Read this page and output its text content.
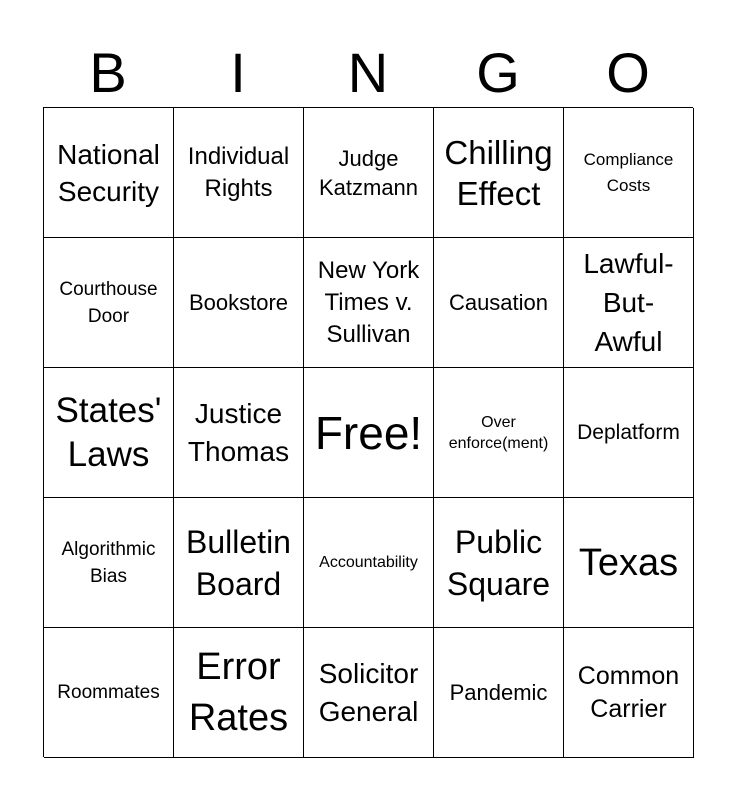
B	I	N	G	O
National
Security
Individual
Rights
Judge
Katzmann
Chilling
Effect
Compliance
Costs
Courthouse
Door
Bookstore
New York
Times v.
Sullivan
Causation
Lawful-
But-
Awful
States'
Laws
Justice
Thomas Free!	Over
enforce(ment) Deplatform
Algorithmic
Bias
Bulletin
Board
Accountability
Public
Square Texas
Roommates
Error
Rates
Solicitor
General
Pandemic
Common
Carrier
